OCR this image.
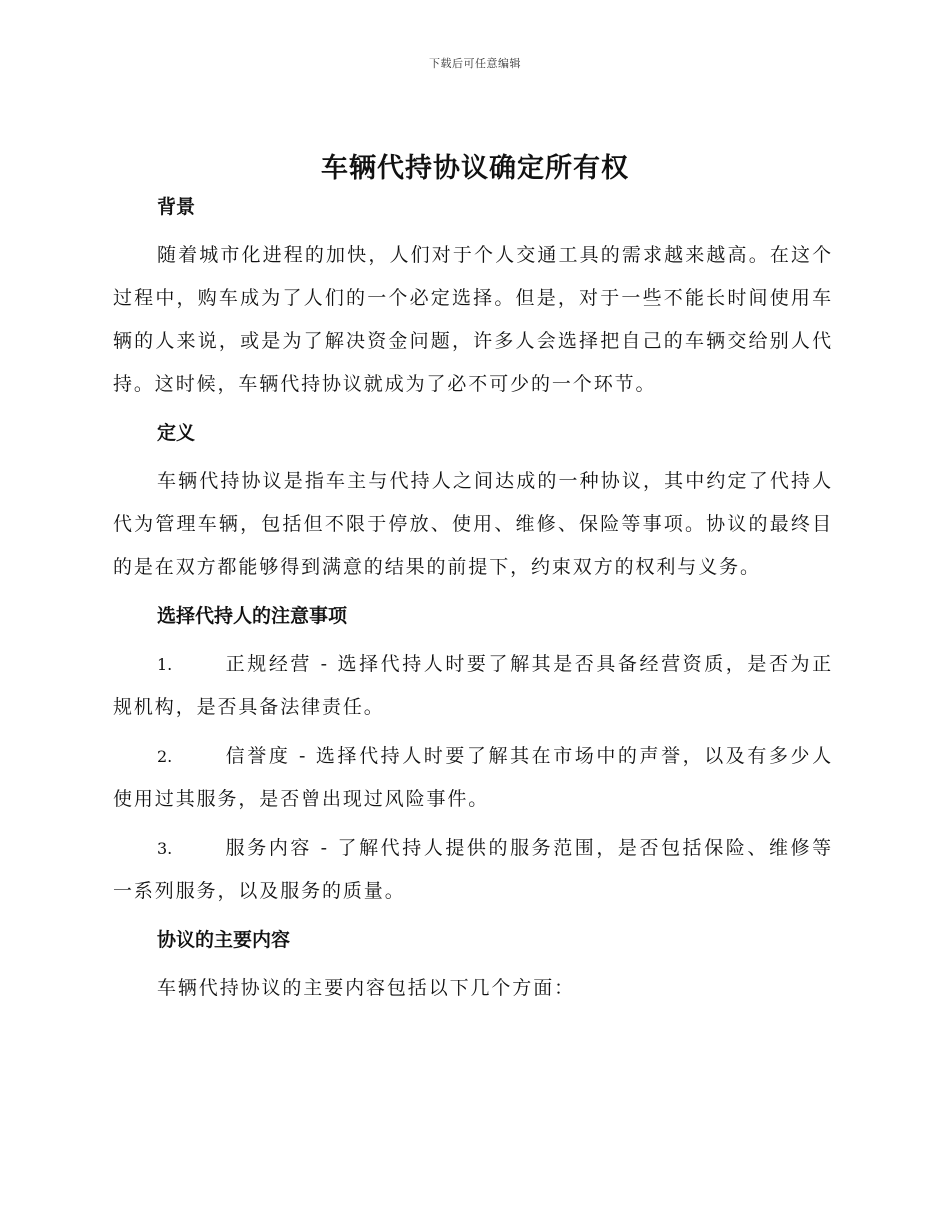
下载后可任意编辑
车辆代持协议确定所有权

背景

随着城市化进程的加快，人们对于个人交通工具的需求越来越高。在这个过程中，购车成为了人们的一个必定选择。但是，对于一些不能长时间使用车辆的人来说，或是为了解决资金问题，许多人会选择把自己的车辆交给别人代持。这时候，车辆代持协议就成为了必不可少的一个环节。

定义

车辆代持协议是指车主与代持人之间达成的一种协议，其中约定了代持人代为管理车辆，包括但不限于停放、使用、维修、保险等事项。协议的最终目的是在双方都能够得到满意的结果的前提下，约束双方的权利与义务。

选择代持人的注意事项

1.	正规经营 - 选择代持人时要了解其是否具备经营资质，是否为正规机构，是否具备法律责任。

2.	信誉度 - 选择代持人时要了解其在市场中的声誉，以及有多少人使用过其服务，是否曾出现过风险事件。

3.	服务内容 - 了解代持人提供的服务范围，是否包括保险、维修等一系列服务，以及服务的质量。

协议的主要内容

车辆代持协议的主要内容包括以下几个方面：
